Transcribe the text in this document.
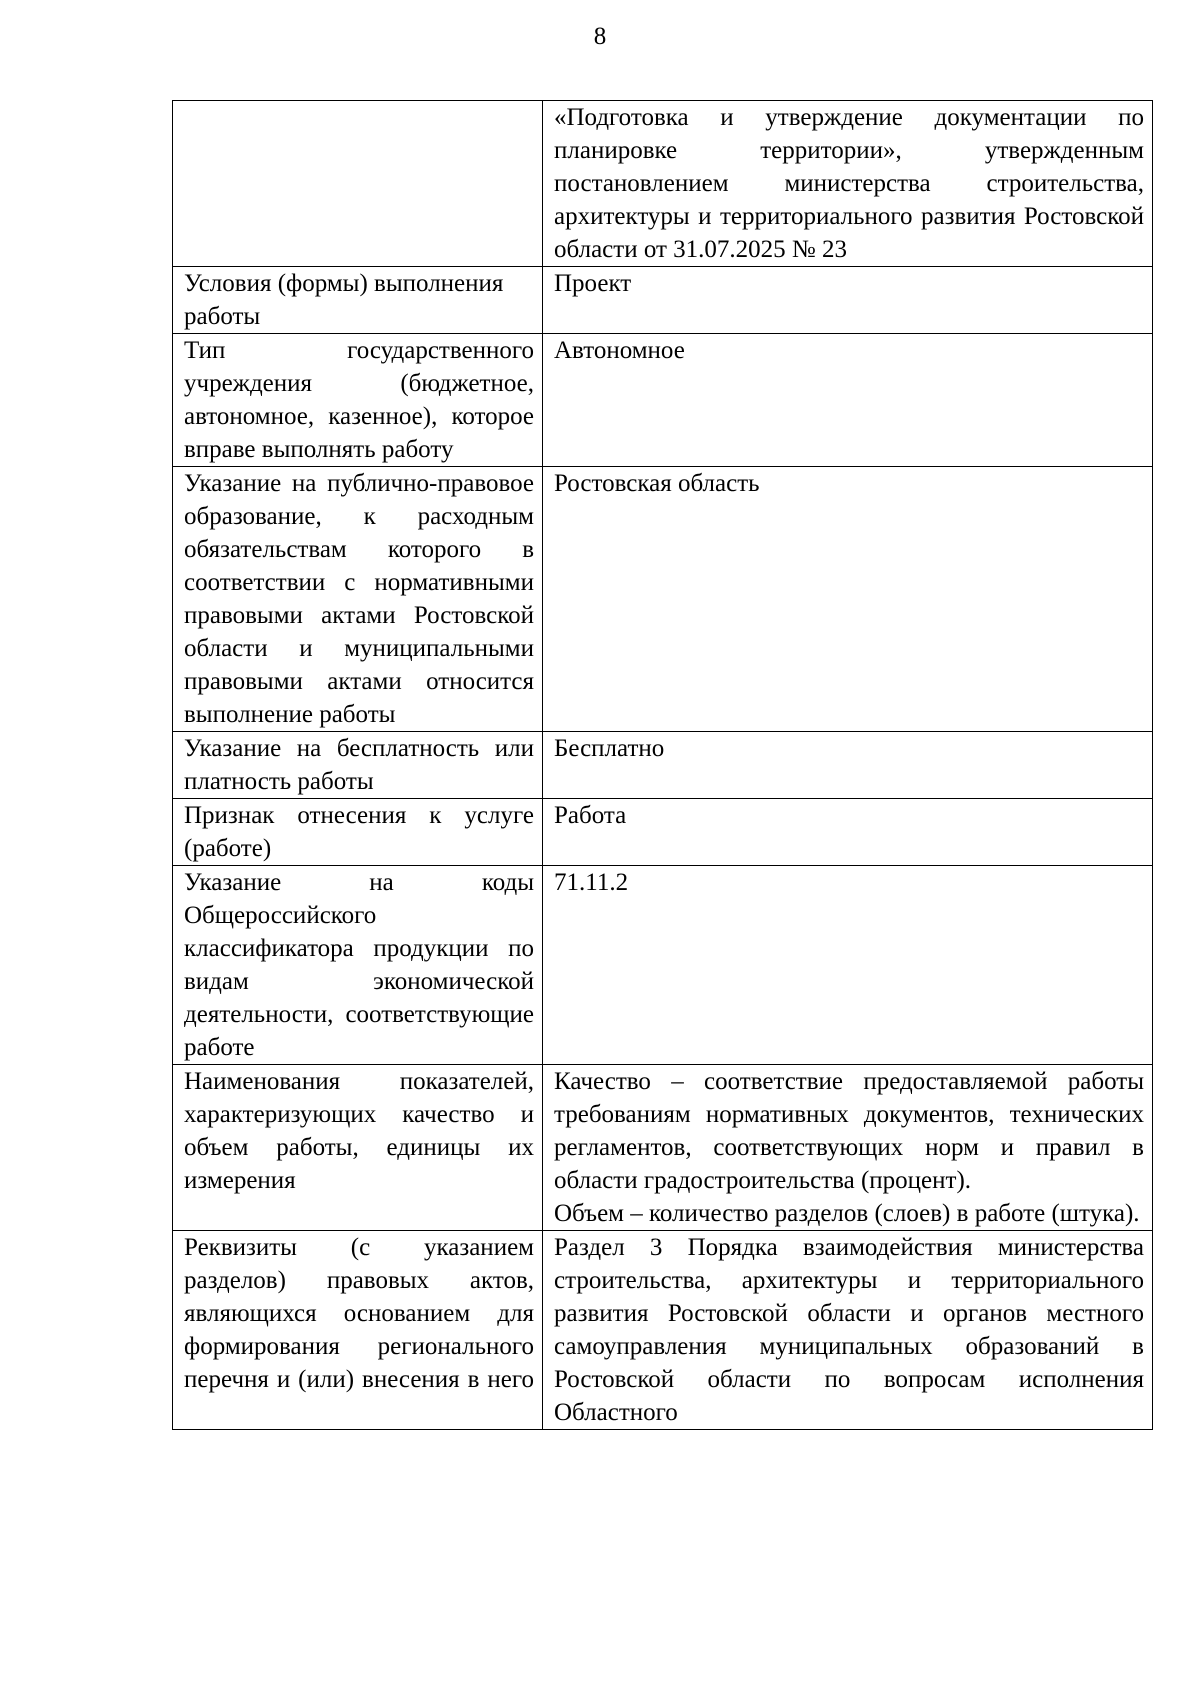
8
	«Подготовка и утверждение документации по планировке территории», утвержденным постановлением министерства строительства, архитектуры и территориального развития Ростовской области от 31.07.2025 № 23
Условия (формы) выполнения работы	Проект
Тип государственного учреждения (бюджетное, автономное, казенное), которое вправе выполнять работу	Автономное
Указание на публично-правовое образование, к расходным обязательствам которого в соответствии с нормативными правовыми актами Ростовской области и муниципальными правовыми актами относится выполнение работы	Ростовская область
Указание на бесплатность или платность работы	Бесплатно
Признак отнесения к услуге (работе)	Работа
Указание на коды Общероссийского классификатора продукции по видам экономической деятельности, соответствующие работе	71.11.2
Наименования показателей, характеризующих качество и объем работы, единицы их измерения	Качество – соответствие предоставляемой работы требованиям нормативных документов, технических регламентов, соответствующих норм и правил в области градостроительства (процент).

Объем – количество разделов (слоев) в работе (штука).

Реквизиты (с указанием разделов) правовых актов, являющихся основанием для формирования регионального перечня и (или) внесения в него	Раздел 3 Порядка взаимодействия министерства строительства, архитектуры и территориального развития Ростовской области и органов местного самоуправления муниципальных образований в Ростовской области по вопросам исполнения Областного
